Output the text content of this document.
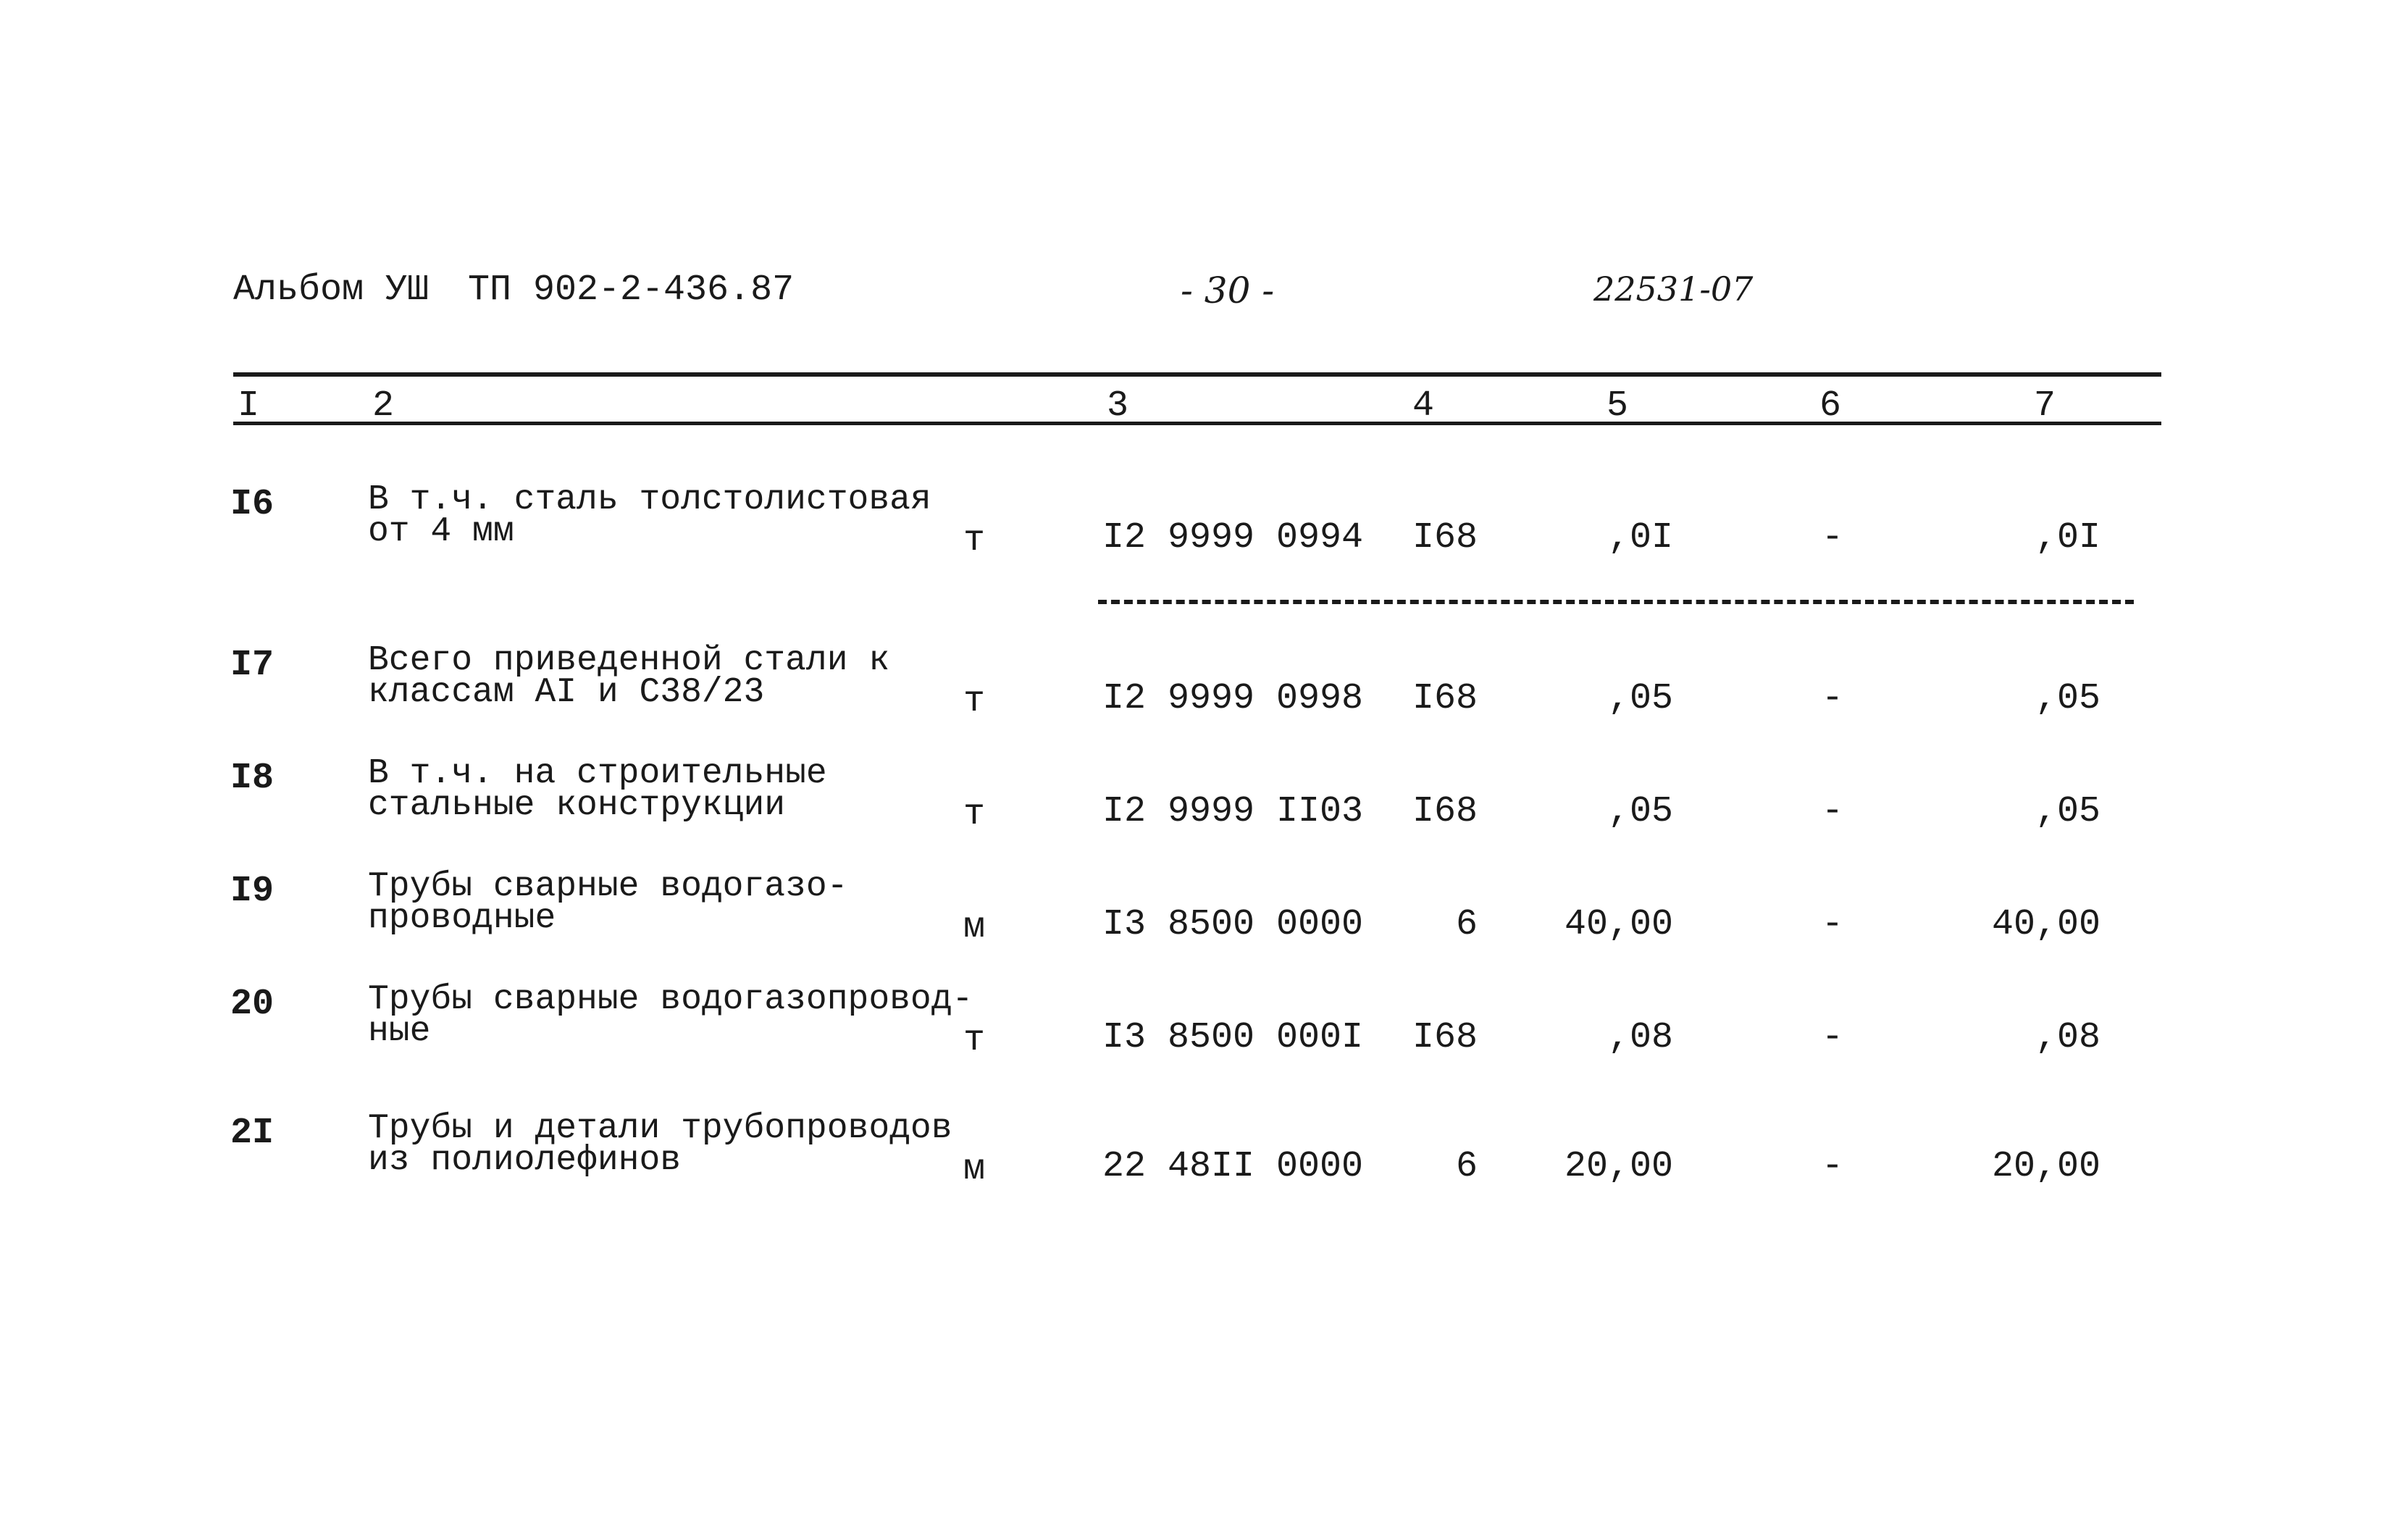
Альбом УШ ТП 902-2-436.87	- 30 -	22531-07
I	2	3	4	5	6	7
I6	В т.ч. сталь толстолистовая
от 4 мм	т	I2 9999 0994	I68	,0I	-	,0I
I7	Всего приведенной стали к
классам AI и C38/23	т	I2 9999 0998	I68	,05	-	,05
I8	В т.ч. на строительные
стальные конструкции	т	I2 9999 II03	I68	,05	-	,05
I9	Трубы сварные водогазо-
проводные	м	I3 8500 0000	6	40,00	-	40,00
20	Трубы сварные водогазопровод-
ные	т	I3 8500 000I	I68	,08	-	,08
2I	Трубы и детали трубопроводов
из полиолефинов	м	22 48II 0000	6	20,00	-	20,00
